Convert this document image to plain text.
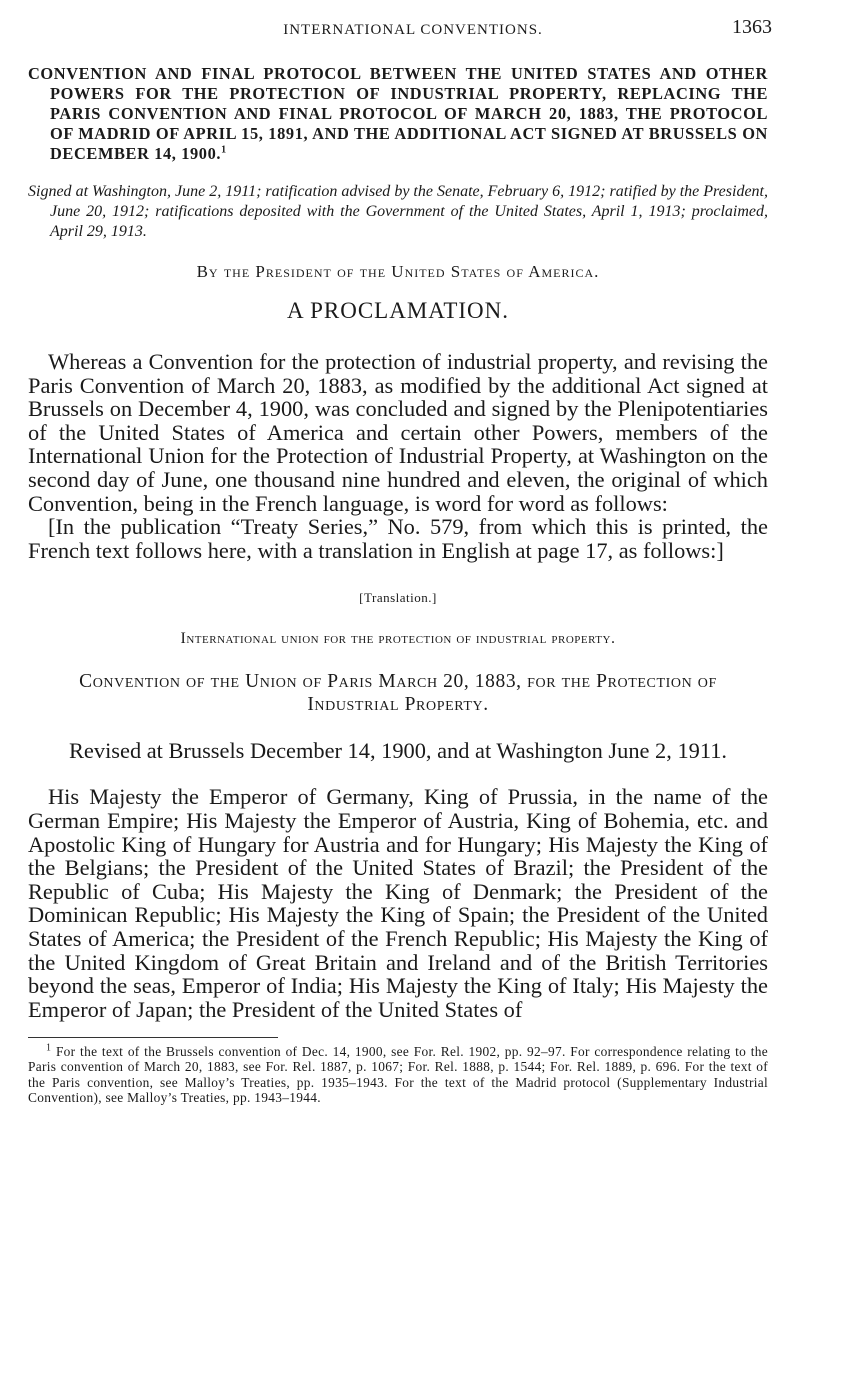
INTERNATIONAL CONVENTIONS.	1363
CONVENTION AND FINAL PROTOCOL BETWEEN THE UNITED STATES AND OTHER POWERS FOR THE PROTECTION OF INDUSTRIAL PROPERTY, REPLACING THE PARIS CONVENTION AND FINAL PROTOCOL OF MARCH 20, 1883, THE PROTOCOL OF MADRID OF APRIL 15, 1891, AND THE ADDITIONAL ACT SIGNED AT BRUSSELS ON DECEMBER 14, 1900.$^1$
Signed at Washington, June 2, 1911; ratification advised by the Senate, February 6, 1912; ratified by the President, June 20, 1912; ratifications deposited with the Government of the United States, April 1, 1913; proclaimed, April 29, 1913.
By the President of the United States of America.
A PROCLAMATION.

Whereas a Convention for the protection of industrial property, and revising the Paris Convention of March 20, 1883, as modified by the additional Act signed at Brussels on December 4, 1900, was concluded and signed by the Plenipotentiaries of the United States of America and certain other Powers, members of the International Union for the Protection of Industrial Property, at Washington on the second day of June, one thousand nine hundred and eleven, the original of which Convention, being in the French language, is word for word as follows:

[In the publication “Treaty Series,” No. 579, from which this is printed, the French text follows here, with a translation in English at page 17, as follows:]

[Translation.]
International union for the protection of industrial property.
Convention of the Union of Paris March 20, 1883, for the Protection of Industrial Property.
Revised at Brussels December 14, 1900, and at Washington June 2, 1911.

His Majesty the Emperor of Germany, King of Prussia, in the name of the German Empire; His Majesty the Emperor of Austria, King of Bohemia, etc. and Apostolic King of Hungary for Austria and for Hungary; His Majesty the King of the Belgians; the President of the United States of Brazil; the President of the Republic of Cuba; His Majesty the King of Denmark; the President of the Dominican Republic; His Majesty the King of Spain; the President of the United States of America; the President of the French Republic; His Majesty the King of the United Kingdom of Great Britain and Ireland and of the British Territories beyond the seas, Emperor of India; His Majesty the King of Italy; His Majesty the Emperor of Japan; the President of the United States of

$^1$ For the text of the Brussels convention of Dec. 14, 1900, see For. Rel. 1902, pp. 92–97. For correspondence relating to the Paris convention of March 20, 1883, see For. Rel. 1887, p. 1067; For. Rel. 1888, p. 1544; For. Rel. 1889, p. 696. For the text of the Paris convention, see Malloy’s Treaties, pp. 1935–1943. For the text of the Madrid protocol (Supplementary Industrial Convention), see Malloy’s Treaties, pp. 1943–1944.
